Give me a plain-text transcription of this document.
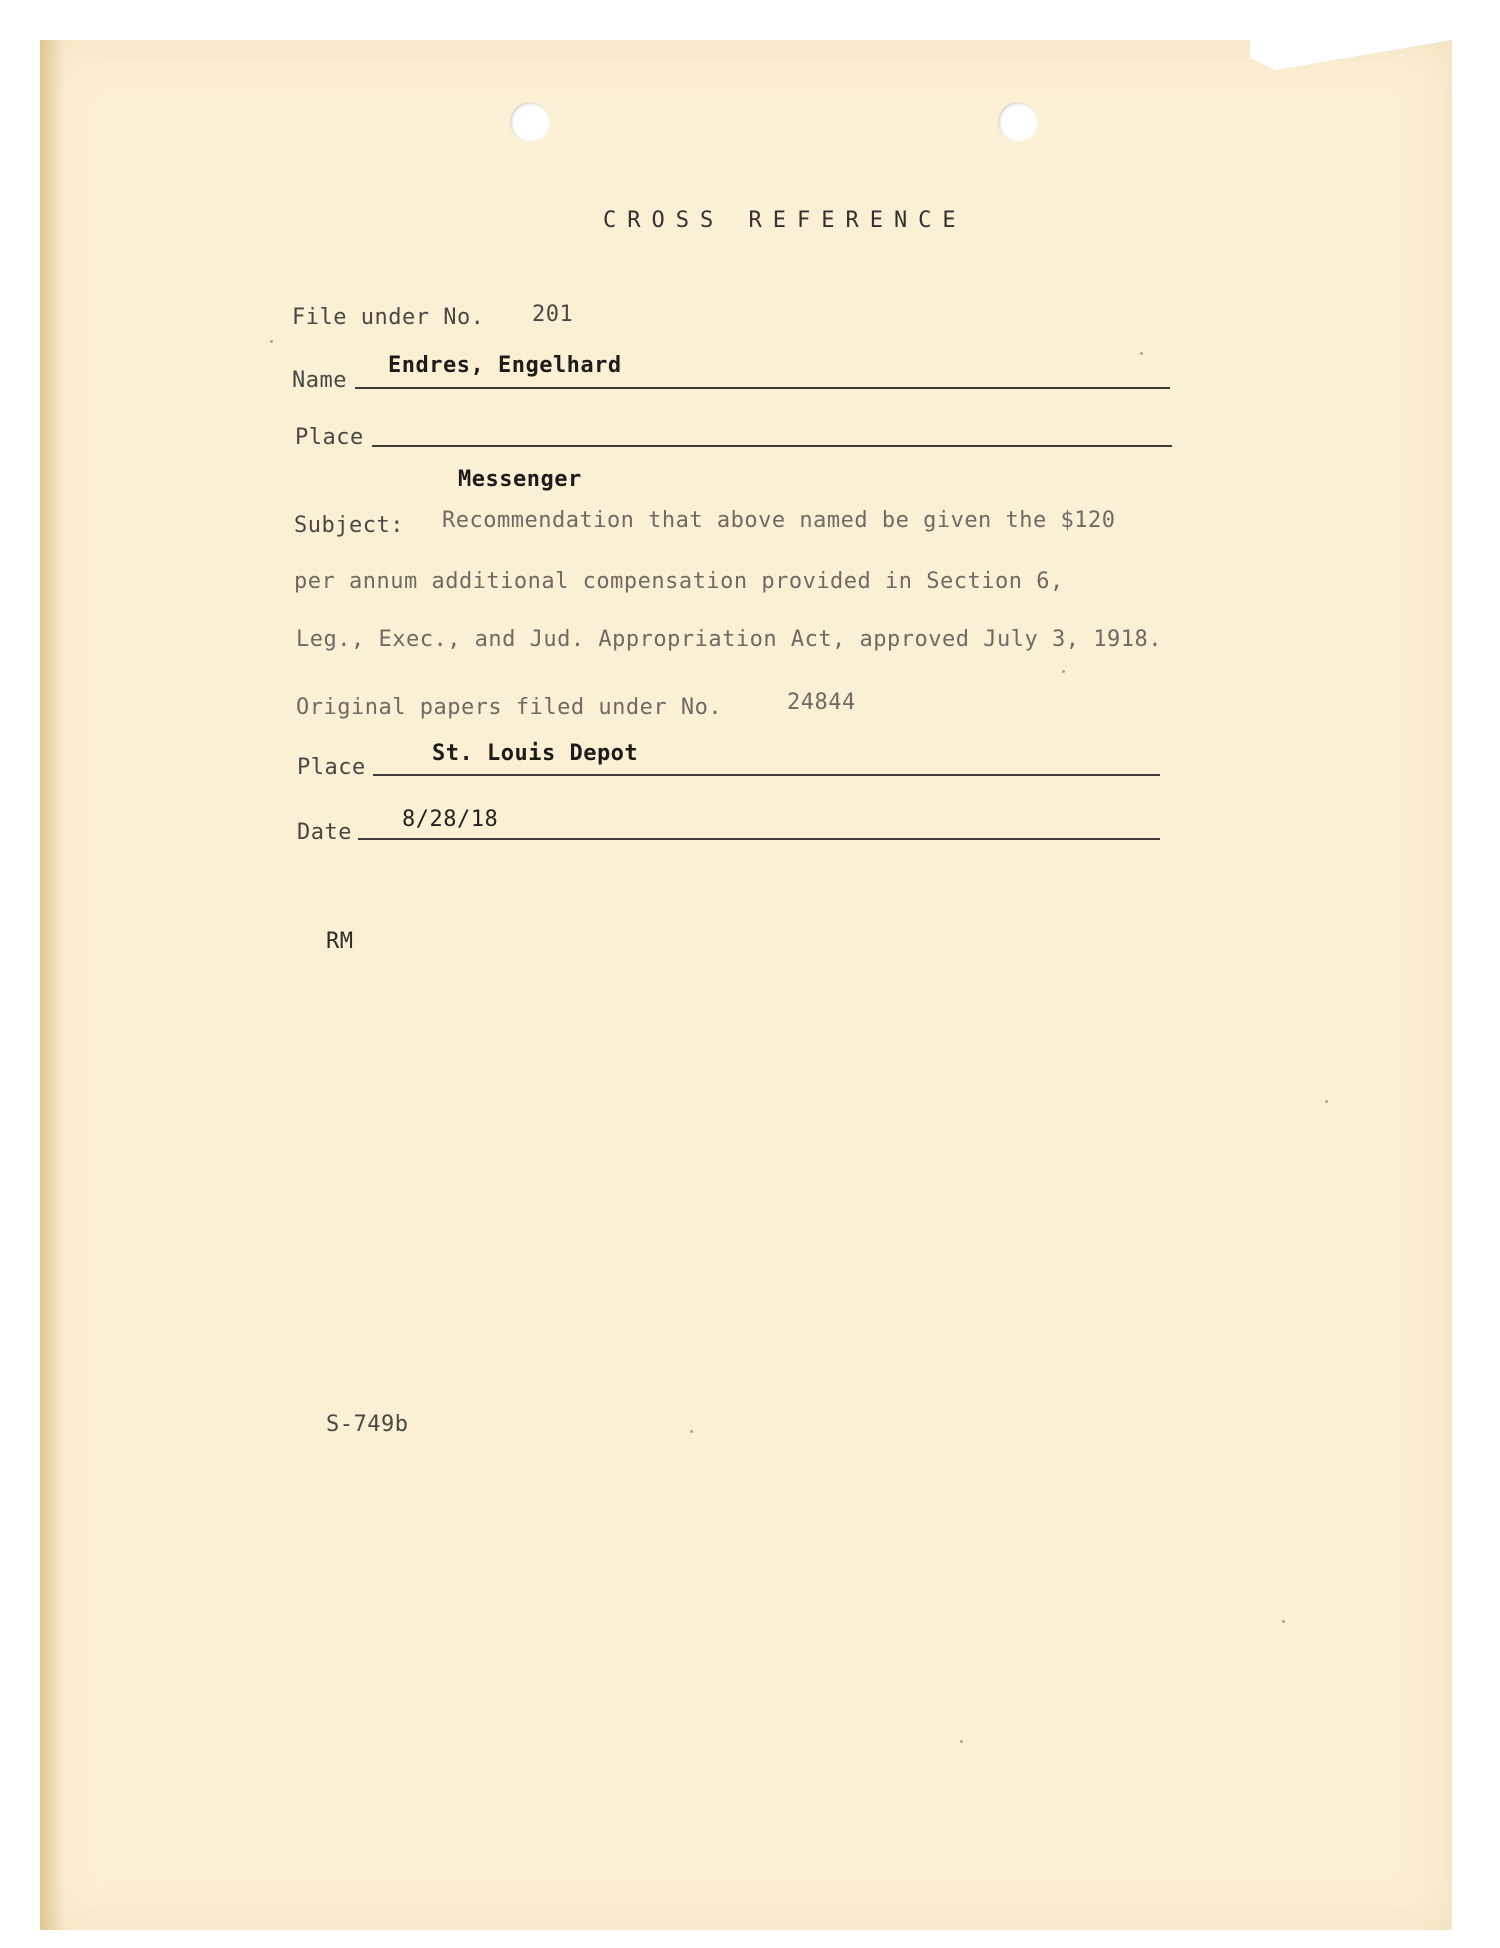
CROSS REFERENCE
File under No. 201
Name
Endres, Engelhard
Place
Messenger
Subject: Recommendation that above named be given the $120
per annum additional compensation provided in Section 6,
Leg., Exec., and Jud. Appropriation Act, approved July 3, 1918.
Original papers filed under No.	24844
Place
St. Louis Depot
Date
8/28/18
RM
S-749b
